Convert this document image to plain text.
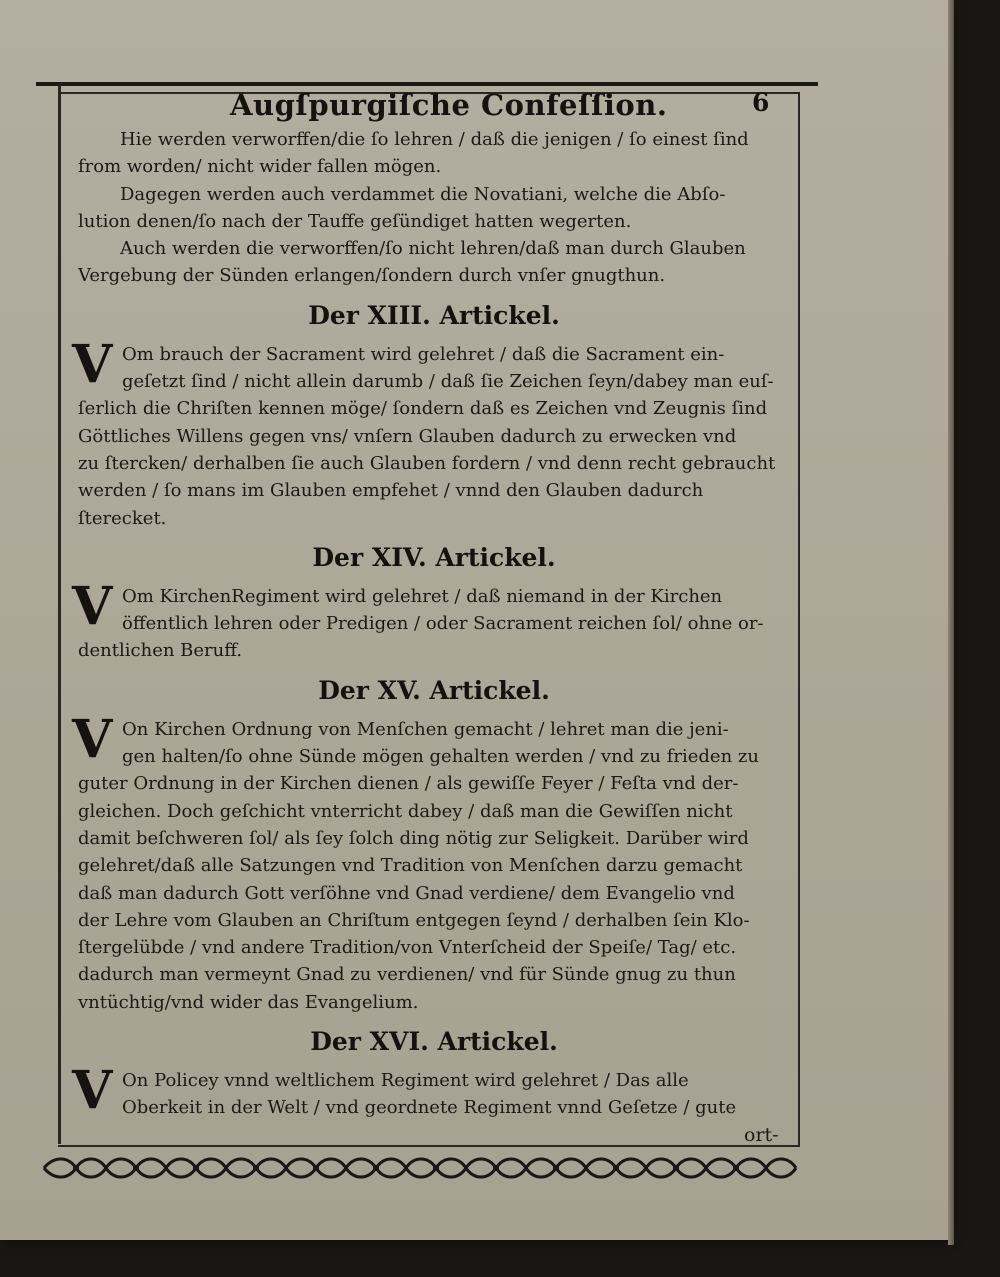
Augſpurgiſche Confeſſion.	6
Hie werden verworffen/die ſo lehren / daß die jenigen / ſo einest ſind
from worden/ nicht wider fallen mögen.
Dagegen werden auch verdammet die Novatiani, welche die Abſo-
lution denen/ſo nach der Tauffe geſündiget hatten wegerten.
Auch werden die verworffen/ſo nicht lehren/daß man durch Glauben
Vergebung der Sünden erlangen/ſondern durch vnſer gnugthun.
Der XIII. Artickel.
V Om brauch der Sacrament wird gelehret / daß die Sacrament ein-
geſetzt ſind / nicht allein darumb / daß ſie Zeichen ſeyn/dabey man euſ-
ſerlich die Chriſten kennen möge/ ſondern daß es Zeichen vnd Zeugnis ſind
Göttliches Willens gegen vns/ vnſern Glauben dadurch zu erwecken vnd
zu ſtercken/ derhalben ſie auch Glauben fordern / vnd denn recht gebraucht
werden / ſo mans im Glauben empfehet / vnnd den Glauben dadurch
ſterecket.
Der XIV. Artickel.
V Om KirchenRegiment wird gelehret / daß niemand in der Kirchen
öffentlich lehren oder Predigen / oder Sacrament reichen ſol/ ohne or-
dentlichen Beruff.
Der XV. Artickel.
V On Kirchen Ordnung von Menſchen gemacht / lehret man die jeni-
gen halten/ſo ohne Sünde mögen gehalten werden / vnd zu frieden zu
guter Ordnung in der Kirchen dienen / als gewiſſe Feyer / Feſta vnd der-
gleichen. Doch geſchicht vnterricht dabey / daß man die Gewiſſen nicht
damit beſchweren ſol/ als ſey ſolch ding nötig zur Seligkeit. Darüber wird
gelehret/daß alle Satzungen vnd Tradition von Menſchen darzu gemacht
daß man dadurch Gott verſöhne vnd Gnad verdiene/ dem Evangelio vnd
der Lehre vom Glauben an Chriſtum entgegen ſeynd / derhalben ſein Klo-
ſtergelübde / vnd andere Tradition/von Vnterſcheid der Speiſe/ Tag/ etc.
dadurch man vermeynt Gnad zu verdienen/ vnd für Sünde gnug zu thun
vntüchtig/vnd wider das Evangelium.
Der XVI. Artickel.
V On Policey vnnd weltlichem Regiment wird gelehret / Das alle
Oberkeit in der Welt / vnd geordnete Regiment vnnd Geſetze / gute
ort-
